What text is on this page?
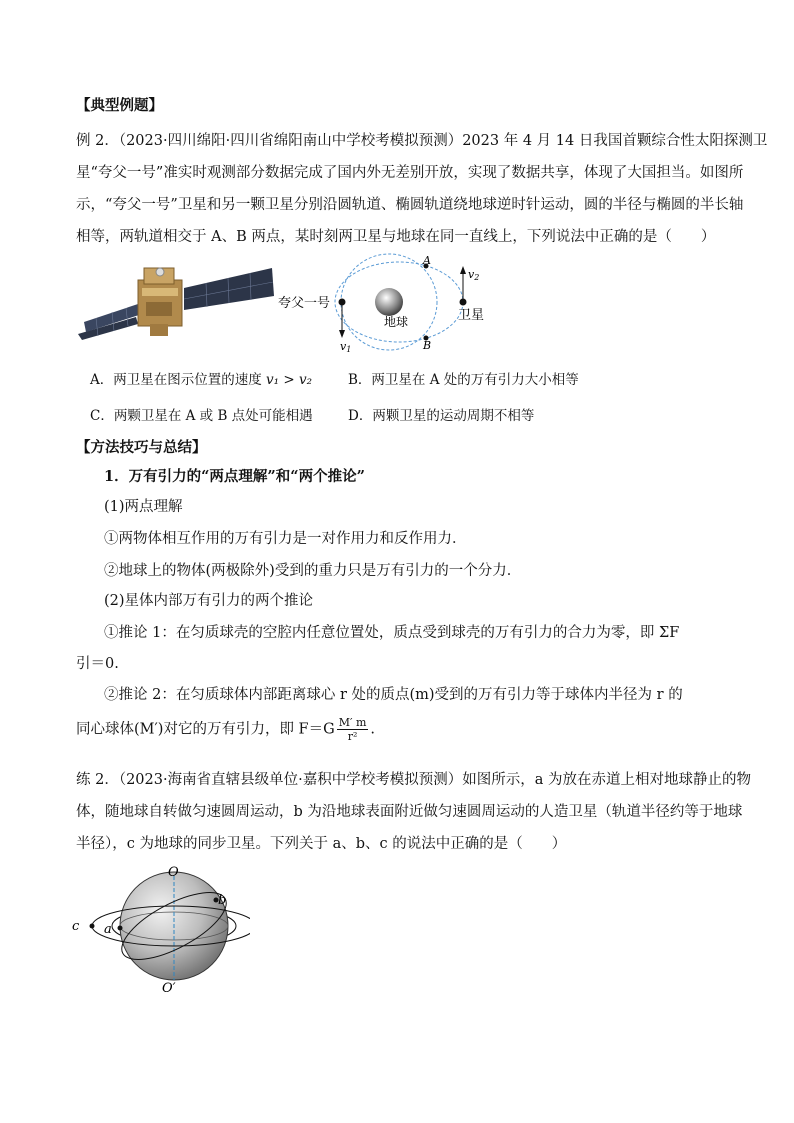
【典型例题】
例 2．（2023·四川绵阳·四川省绵阳南山中学校考模拟预测）2023 年 4 月 14 日我国首颗综合性太阳探测卫
星“夸父一号”准实时观测部分数据完成了国内外无差别开放，实现了数据共享，体现了大国担当。如图所
示，“夸父一号”卫星和另一颗卫星分别沿圆轨道、椭圆轨道绕地球逆时针运动，圆的半径与椭圆的半长轴
相等，两轨道相交于 A、B 两点，某时刻两卫星与地球在同一直线上，下列说法中正确的是（　　）
夸父一号
地球	卫星
A
B
v1
v2
A．两卫星在图示位置的速度 v₁ > v₂	B．两卫星在 A 处的万有引力大小相等
C．两颗卫星在 A 或 B 点处可能相遇	D．两颗卫星的运动周期不相等
【方法技巧与总结】
1．万有引力的“两点理解”和“两个推论”
(1)两点理解
①两物体相互作用的万有引力是一对作用力和反作用力．
②地球上的物体(两极除外)受到的重力只是万有引力的一个分力．
(2)星体内部万有引力的两个推论
①推论 1：在匀质球壳的空腔内任意位置处，质点受到球壳的万有引力的合力为零，即 ΣF
引＝0.
②推论 2：在匀质球体内部距离球心 r 处的质点(m)受到的万有引力等于球体内半径为 r 的
同心球体(M′)对它的万有引力，即 $F=G \frac{M' m}{\text{r²}}$ .
练 2．（2023·海南省直辖县级单位·嘉积中学校考模拟预测）如图所示，a 为放在赤道上相对地球静止的物
体，随地球自转做匀速圆周运动，b 为沿地球表面附近做匀速圆周运动的人造卫星（轨道半径约等于地球
半径），c 为地球的同步卫星。下列关于 a、b、c 的说法中正确的是（　　）
O
O′
a
b
c
